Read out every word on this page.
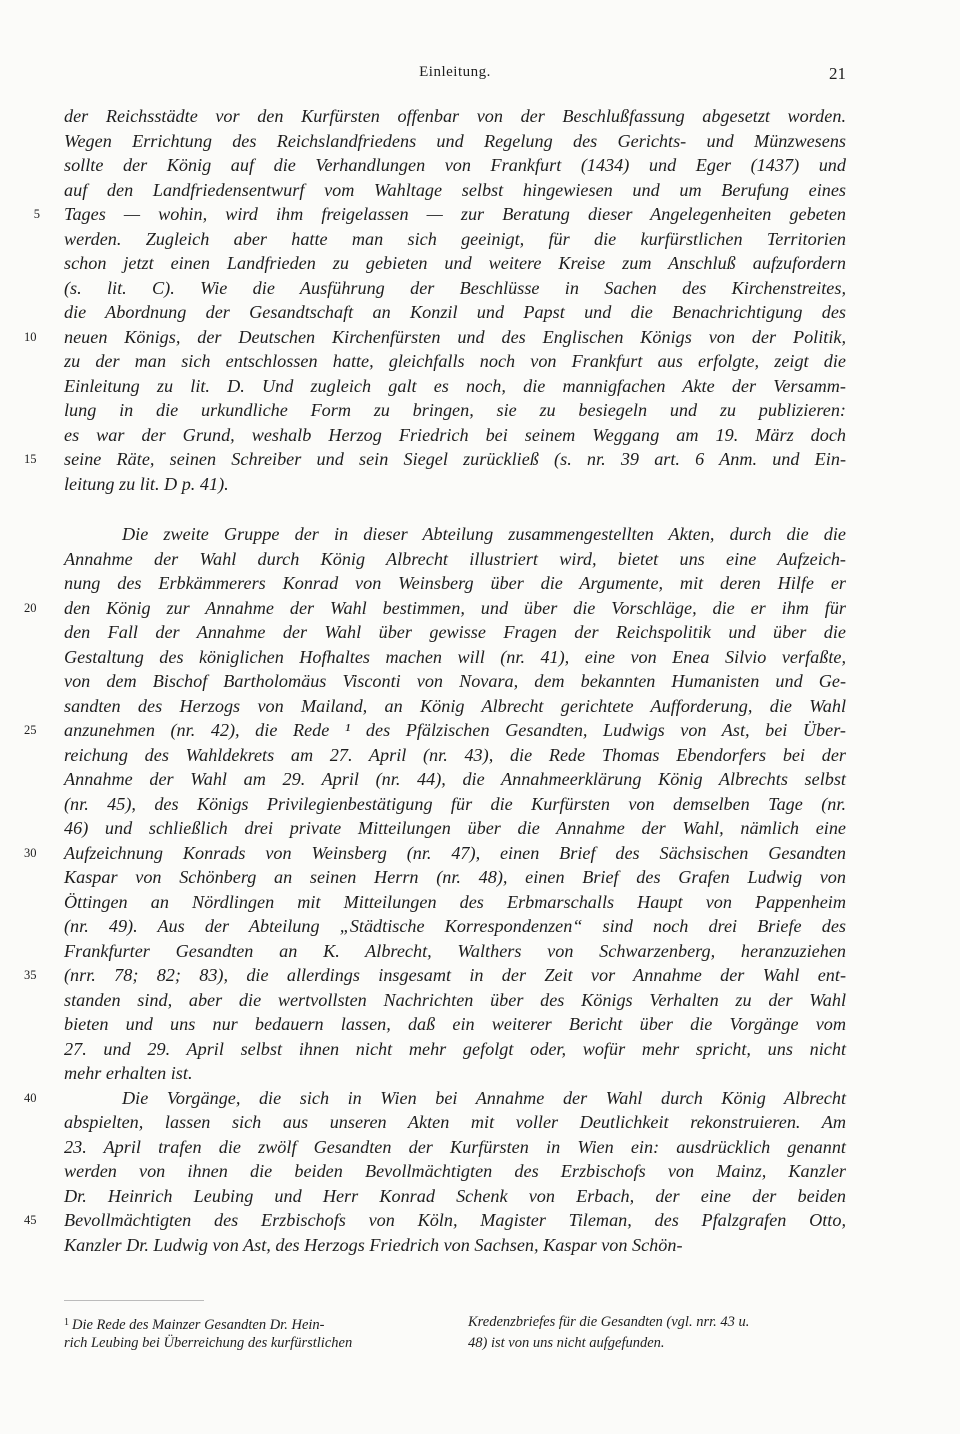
Einleitung.	21
der Reichsstädte vor den Kurfürsten offenbar von der Beschlußfassung abgesetzt worden.
Wegen Errichtung des Reichslandfriedens und Regelung des Gerichts- und Münzwesens
sollte der König auf die Verhandlungen von Frankfurt (1434) und Eger (1437) und
auf den Landfriedensentwurf vom Wahltage selbst hingewiesen und um Berufung eines
Tages — wohin, wird ihm freigelassen — zur Beratung dieser Angelegenheiten gebeten
werden. Zugleich aber hatte man sich geeinigt, für die kurfürstlichen Territorien
schon jetzt einen Landfrieden zu gebieten und weitere Kreise zum Anschluß aufzufordern
(s. lit. C). Wie die Ausführung der Beschlüsse in Sachen des Kirchenstreites,
die Abordnung der Gesandtschaft an Konzil und Papst und die Benachrichtigung des
neuen Königs, der Deutschen Kirchenfürsten und des Englischen Königs von der Politik,
zu der man sich entschlossen hatte, gleichfalls noch von Frankfurt aus erfolgte, zeigt die
Einleitung zu lit. D. Und zugleich galt es noch, die mannigfachen Akte der Versamm-
lung in die urkundliche Form zu bringen, sie zu besiegeln und zu publizieren:
es war der Grund, weshalb Herzog Friedrich bei seinem Weggang am 19. März doch
seine Räte, seinen Schreiber und sein Siegel zurückließ (s. nr. 39 art. 6 Anm. und Ein-
leitung zu lit. D p. 41).
Die zweite Gruppe der in dieser Abteilung zusammengestellten Akten, durch die die
Annahme der Wahl durch König Albrecht illustriert wird, bietet uns eine Aufzeich-
nung des Erbkämmerers Konrad von Weinsberg über die Argumente, mit deren Hilfe er
den König zur Annahme der Wahl bestimmen, und über die Vorschläge, die er ihm für
den Fall der Annahme der Wahl über gewisse Fragen der Reichspolitik und über die
Gestaltung des königlichen Hofhaltes machen will (nr. 41), eine von Enea Silvio verfaßte,
von dem Bischof Bartholomäus Visconti von Novara, dem bekannten Humanisten und Ge-
sandten des Herzogs von Mailand, an König Albrecht gerichtete Aufforderung, die Wahl
anzunehmen (nr. 42), die Rede ¹ des Pfälzischen Gesandten, Ludwigs von Ast, bei Über-
reichung des Wahldekrets am 27. April (nr. 43), die Rede Thomas Ebendorfers bei der
Annahme der Wahl am 29. April (nr. 44), die Annahmeerklärung König Albrechts selbst
(nr. 45), des Königs Privilegienbestätigung für die Kurfürsten von demselben Tage (nr.
46) und schließlich drei private Mitteilungen über die Annahme der Wahl, nämlich eine
Aufzeichnung Konrads von Weinsberg (nr. 47), einen Brief des Sächsischen Gesandten
Kaspar von Schönberg an seinen Herrn (nr. 48), einen Brief des Grafen Ludwig von
Öttingen an Nördlingen mit Mitteilungen des Erbmarschalls Haupt von Pappenheim
(nr. 49). Aus der Abteilung „Städtische Korrespondenzen“ sind noch drei Briefe des
Frankfurter Gesandten an K. Albrecht, Walthers von Schwarzenberg, heranzuziehen
(nrr. 78; 82; 83), die allerdings insgesamt in der Zeit vor Annahme der Wahl ent-
standen sind, aber die wertvollsten Nachrichten über des Königs Verhalten zu der Wahl
bieten und uns nur bedauern lassen, daß ein weiterer Bericht über die Vorgänge vom
27. und 29. April selbst ihnen nicht mehr gefolgt oder, wofür mehr spricht, uns nicht
mehr erhalten ist.
Die Vorgänge, die sich in Wien bei Annahme der Wahl durch König Albrecht
abspielten, lassen sich aus unseren Akten mit voller Deutlichkeit rekonstruieren. Am
23. April trafen die zwölf Gesandten der Kurfürsten in Wien ein: ausdrücklich genannt
werden von ihnen die beiden Bevollmächtigten des Erzbischofs von Mainz, Kanzler
Dr. Heinrich Leubing und Herr Konrad Schenk von Erbach, der eine der beiden
Bevollmächtigten des Erzbischofs von Köln, Magister Tileman, des Pfalzgrafen Otto,
Kanzler Dr. Ludwig von Ast, des Herzogs Friedrich von Sachsen, Kaspar von Schön-
$^1$ Die Rede des Mainzer Gesandten Dr. Hein-
rich Leubing bei Überreichung des kurfürstlichen
Kredenzbriefes für die Gesandten (vgl. nrr. 43 u.
48) ist von uns nicht aufgefunden.
5
10
15
20
25
30
35
40
45
